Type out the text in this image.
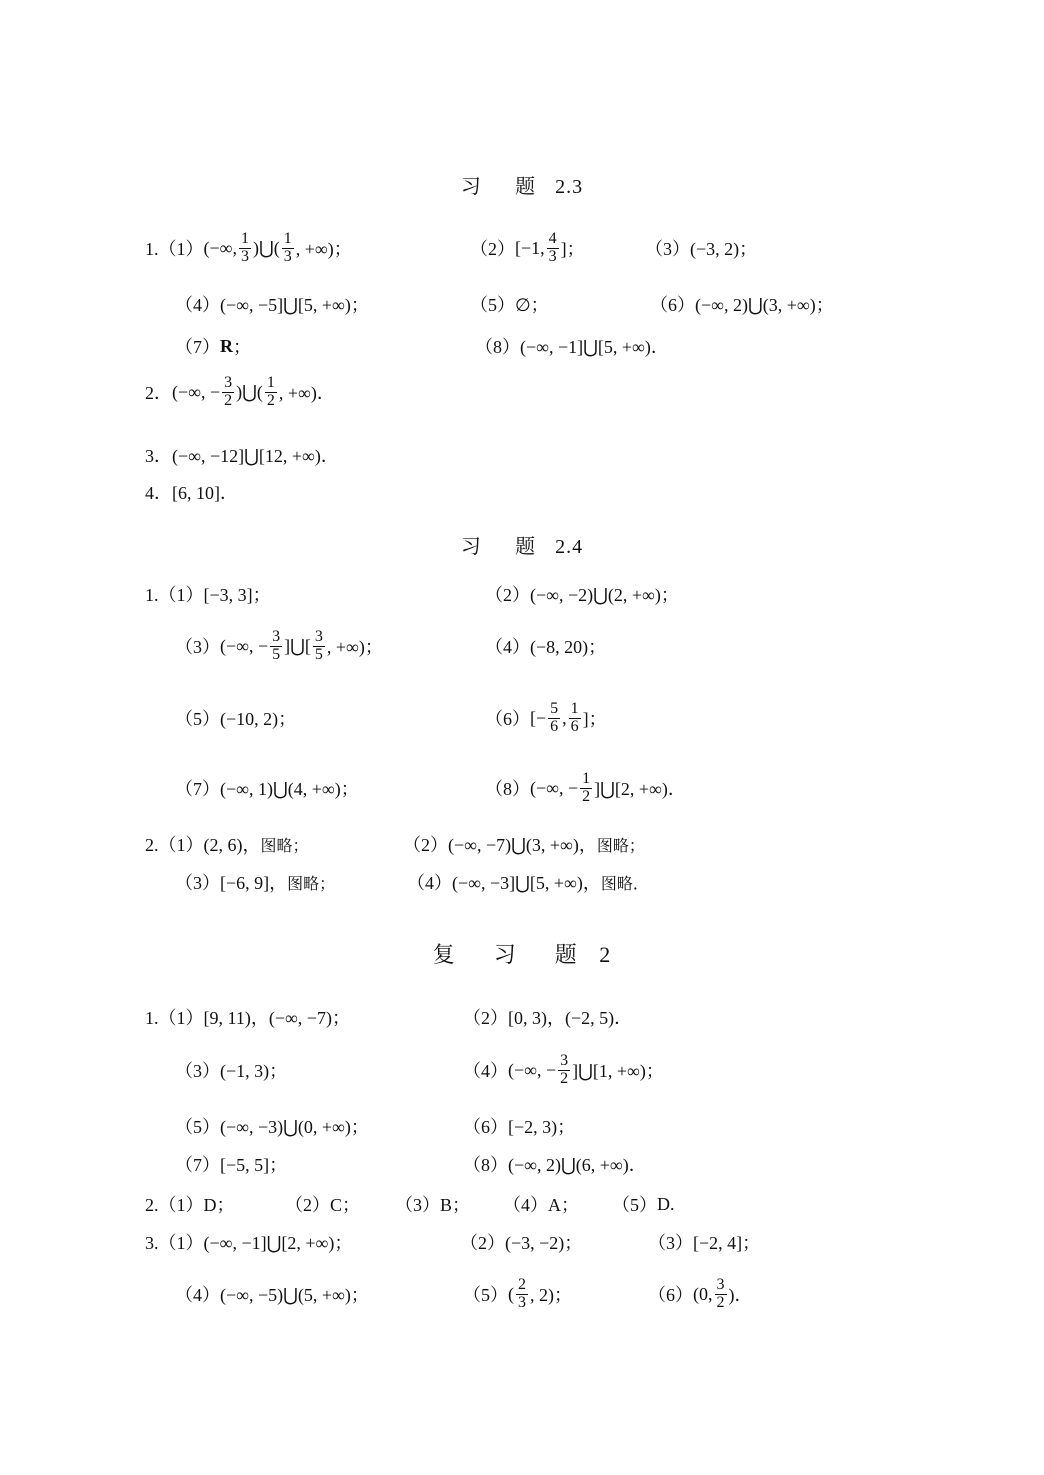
习 题 2.3
1.（1） (−∞, $\frac{1}{3}$ )⋃( $\frac{1}{3}$ , +∞)；	（2） [−1, $\frac{4}{3}$ ]；	（3） (−3, 2)；
（4） (−∞, −5]⋃[5, +∞)；	（5） ∅；	（6） (−∞, 2)⋃(3, +∞)；
（7） R ；	（8） (−∞, −1]⋃[5, +∞)．
2． (−∞, − $\frac{3}{2}$ )⋃( $\frac{1}{2}$ , +∞)．
3． (−∞, −12]⋃[12, +∞)．
4． [6, 10]．
习 题 2.4
1.（1） [−3, 3]；	（2） (−∞, −2)⋃(2, +∞)；
（3） (−∞, − $\frac{3}{5}$ ]⋃[ $\frac{3}{5}$ , +∞)；	（4） (−8, 20)；
（5） (−10, 2)；	（6） [− $\frac{5}{6}$ , $\frac{1}{6}$ ]；
（7） (−∞, 1)⋃(4, +∞)；	（8） (−∞, − $\frac{1}{2}$ ]⋃[2, +∞)．
2.（1） (2, 6)， 图略；	（2） (−∞, −7)⋃(3, +∞)， 图略；
（3） [−6, 9]， 图略；	（4） (−∞, −3]⋃[5, +∞)， 图略．
复 习 题 2
1.（1） [9, 11)，(−∞, −7)；	（2） [0, 3)，(−2, 5)．
（3） (−1, 3)；	（4） (−∞, − $\frac{3}{2}$ ]⋃[1, +∞)；
（5） (−∞, −3)⋃(0, +∞)；	（6） [−2, 3)；
（7） [−5, 5]；	（8） (−∞, 2)⋃(6, +∞)．
2.（1） D；	（2） C； （3） B； （4） A； （5） D.
3.（1） (−∞, −1]⋃[2, +∞)；	（2） (−3, −2)；	（3） [−2, 4]；
（4） (−∞, −5)⋃(5, +∞)；	（5） ( $\frac{2}{3}$ , 2)；	（6） (0, $\frac{3}{2}$ )．
